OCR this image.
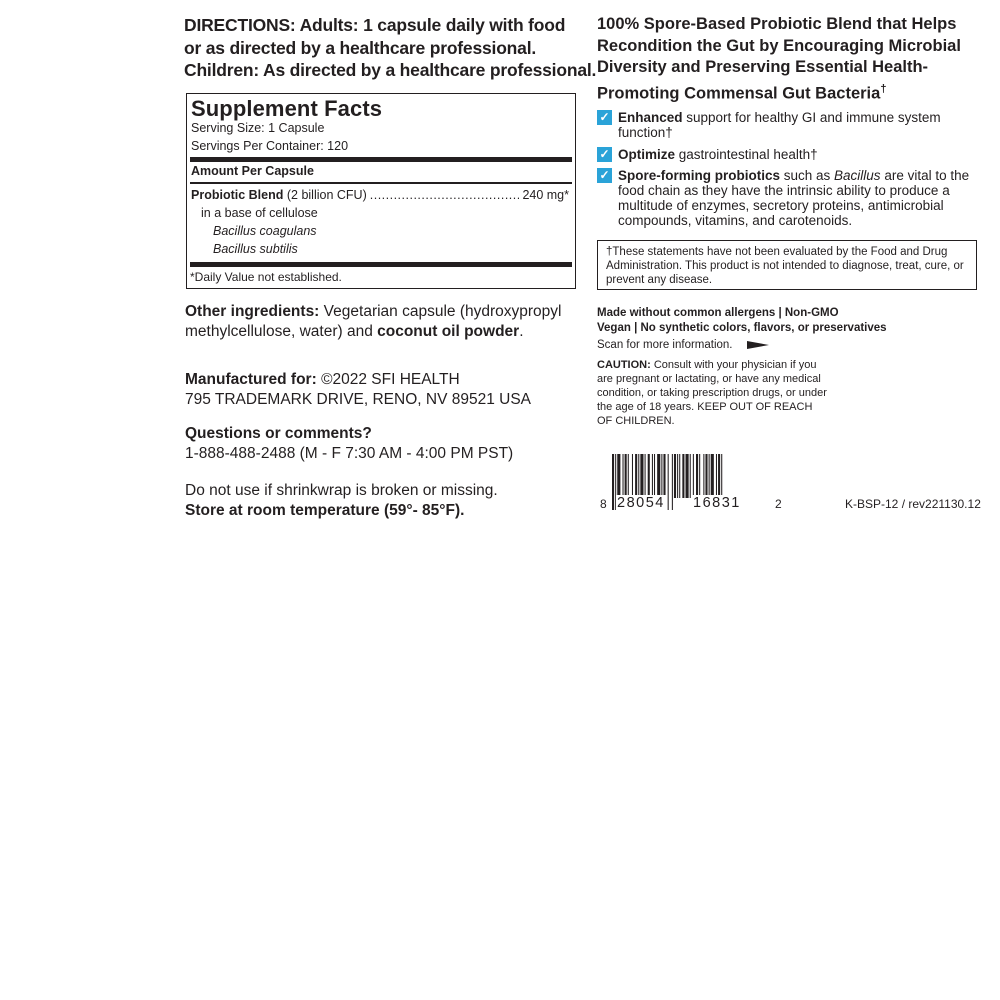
DIRECTIONS: Adults: 1 capsule daily with food
or as directed by a healthcare professional.
Children: As directed by a healthcare professional.
Supplement Facts
Serving Size: 1 Capsule
Servings Per Container: 120
Amount Per Capsule
Probiotic Blend (2 billion CFU)
.....	240 mg*
in a base of cellulose
Bacillus coagulans
Bacillus subtilis
*Daily Value not established.
Other ingredients: Vegetarian capsule (hydroxypropyl methylcellulose, water) and coconut oil powder.
Manufactured for: ©2022 SFI HEALTH
795 TRADEMARK DRIVE, RENO, NV 89521 USA
Questions or comments?
1-888-488-2488 (M - F 7:30 AM - 4:00 PM PST)
Do not use if shrinkwrap is broken or missing.
Store at room temperature (59°- 85°F).
100% Spore-Based Probiotic Blend that Helps Recondition the Gut by Encouraging Microbial Diversity and Preserving Essential Health-Promoting Commensal Gut Bacteria†
✓ Enhanced support for healthy GI and immune system function†
✓ Optimize gastrointestinal health†
✓ Spore-forming probiotics such as Bacillus are vital to the food chain as they have the intrinsic ability to produce a multitude of enzymes, secretory proteins, antimicrobial compounds, vitamins, and carotenoids.
†These statements have not been evaluated by the Food and Drug Administration. This product is not intended to diagnose, treat, cure, or prevent any disease.
Made without common allergens | Non-GMO
Vegan | No synthetic colors, flavors, or preservatives
Scan for more information.
CAUTION: Consult with your physician if you are pregnant or lactating, or have any medical condition, or taking prescription drugs, or under the age of 18 years. KEEP OUT OF REACH OF CHILDREN.
8 28054 16831	2	K-BSP-12 / rev221130.12
